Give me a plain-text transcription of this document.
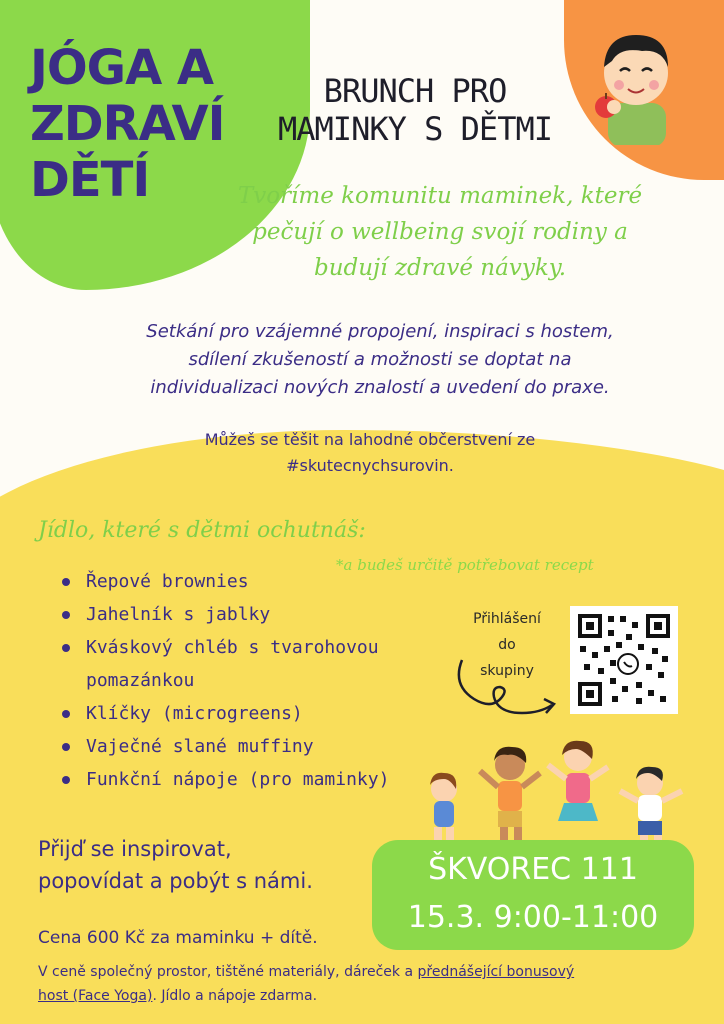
JÓGA A
ZDRAVÍ
DĚTÍ
BRUNCH PRO
MAMINKY S DĚTMI
Tvoříme komunitu maminek, které
pečují o wellbeing svojí rodiny a
budují zdravé návyky.
Setkání pro vzájemné propojení, inspiraci s hostem,
sdílení zkušeností a možnosti se doptat na
individualizaci nových znalostí a uvedení do praxe.
Můžeš se těšit na lahodné občerstvení ze
#skutecnychsurovin.
Jídlo, které s dětmi ochutnáš:
*a budeš určitě potřebovat recept
Řepové brownies
Jahelník s jablky
Kváskový chléb s tvarohovou pomazánkou
Klíčky (microgreens)
Vaječné slané muffiny
Funkční nápoje (pro maminky)
Přihlášení
do
skupiny
Přijď se inspirovat,
popovídat a pobýt s námi.	ŠKVOREC 111
15.3. 9:00-11:00
Cena 600 Kč za maminku + dítě.
V ceně společný prostor, tištěné materiály, dáreček a přednášející bonusový
host (Face Yoga). Jídlo a nápoje zdarma.
